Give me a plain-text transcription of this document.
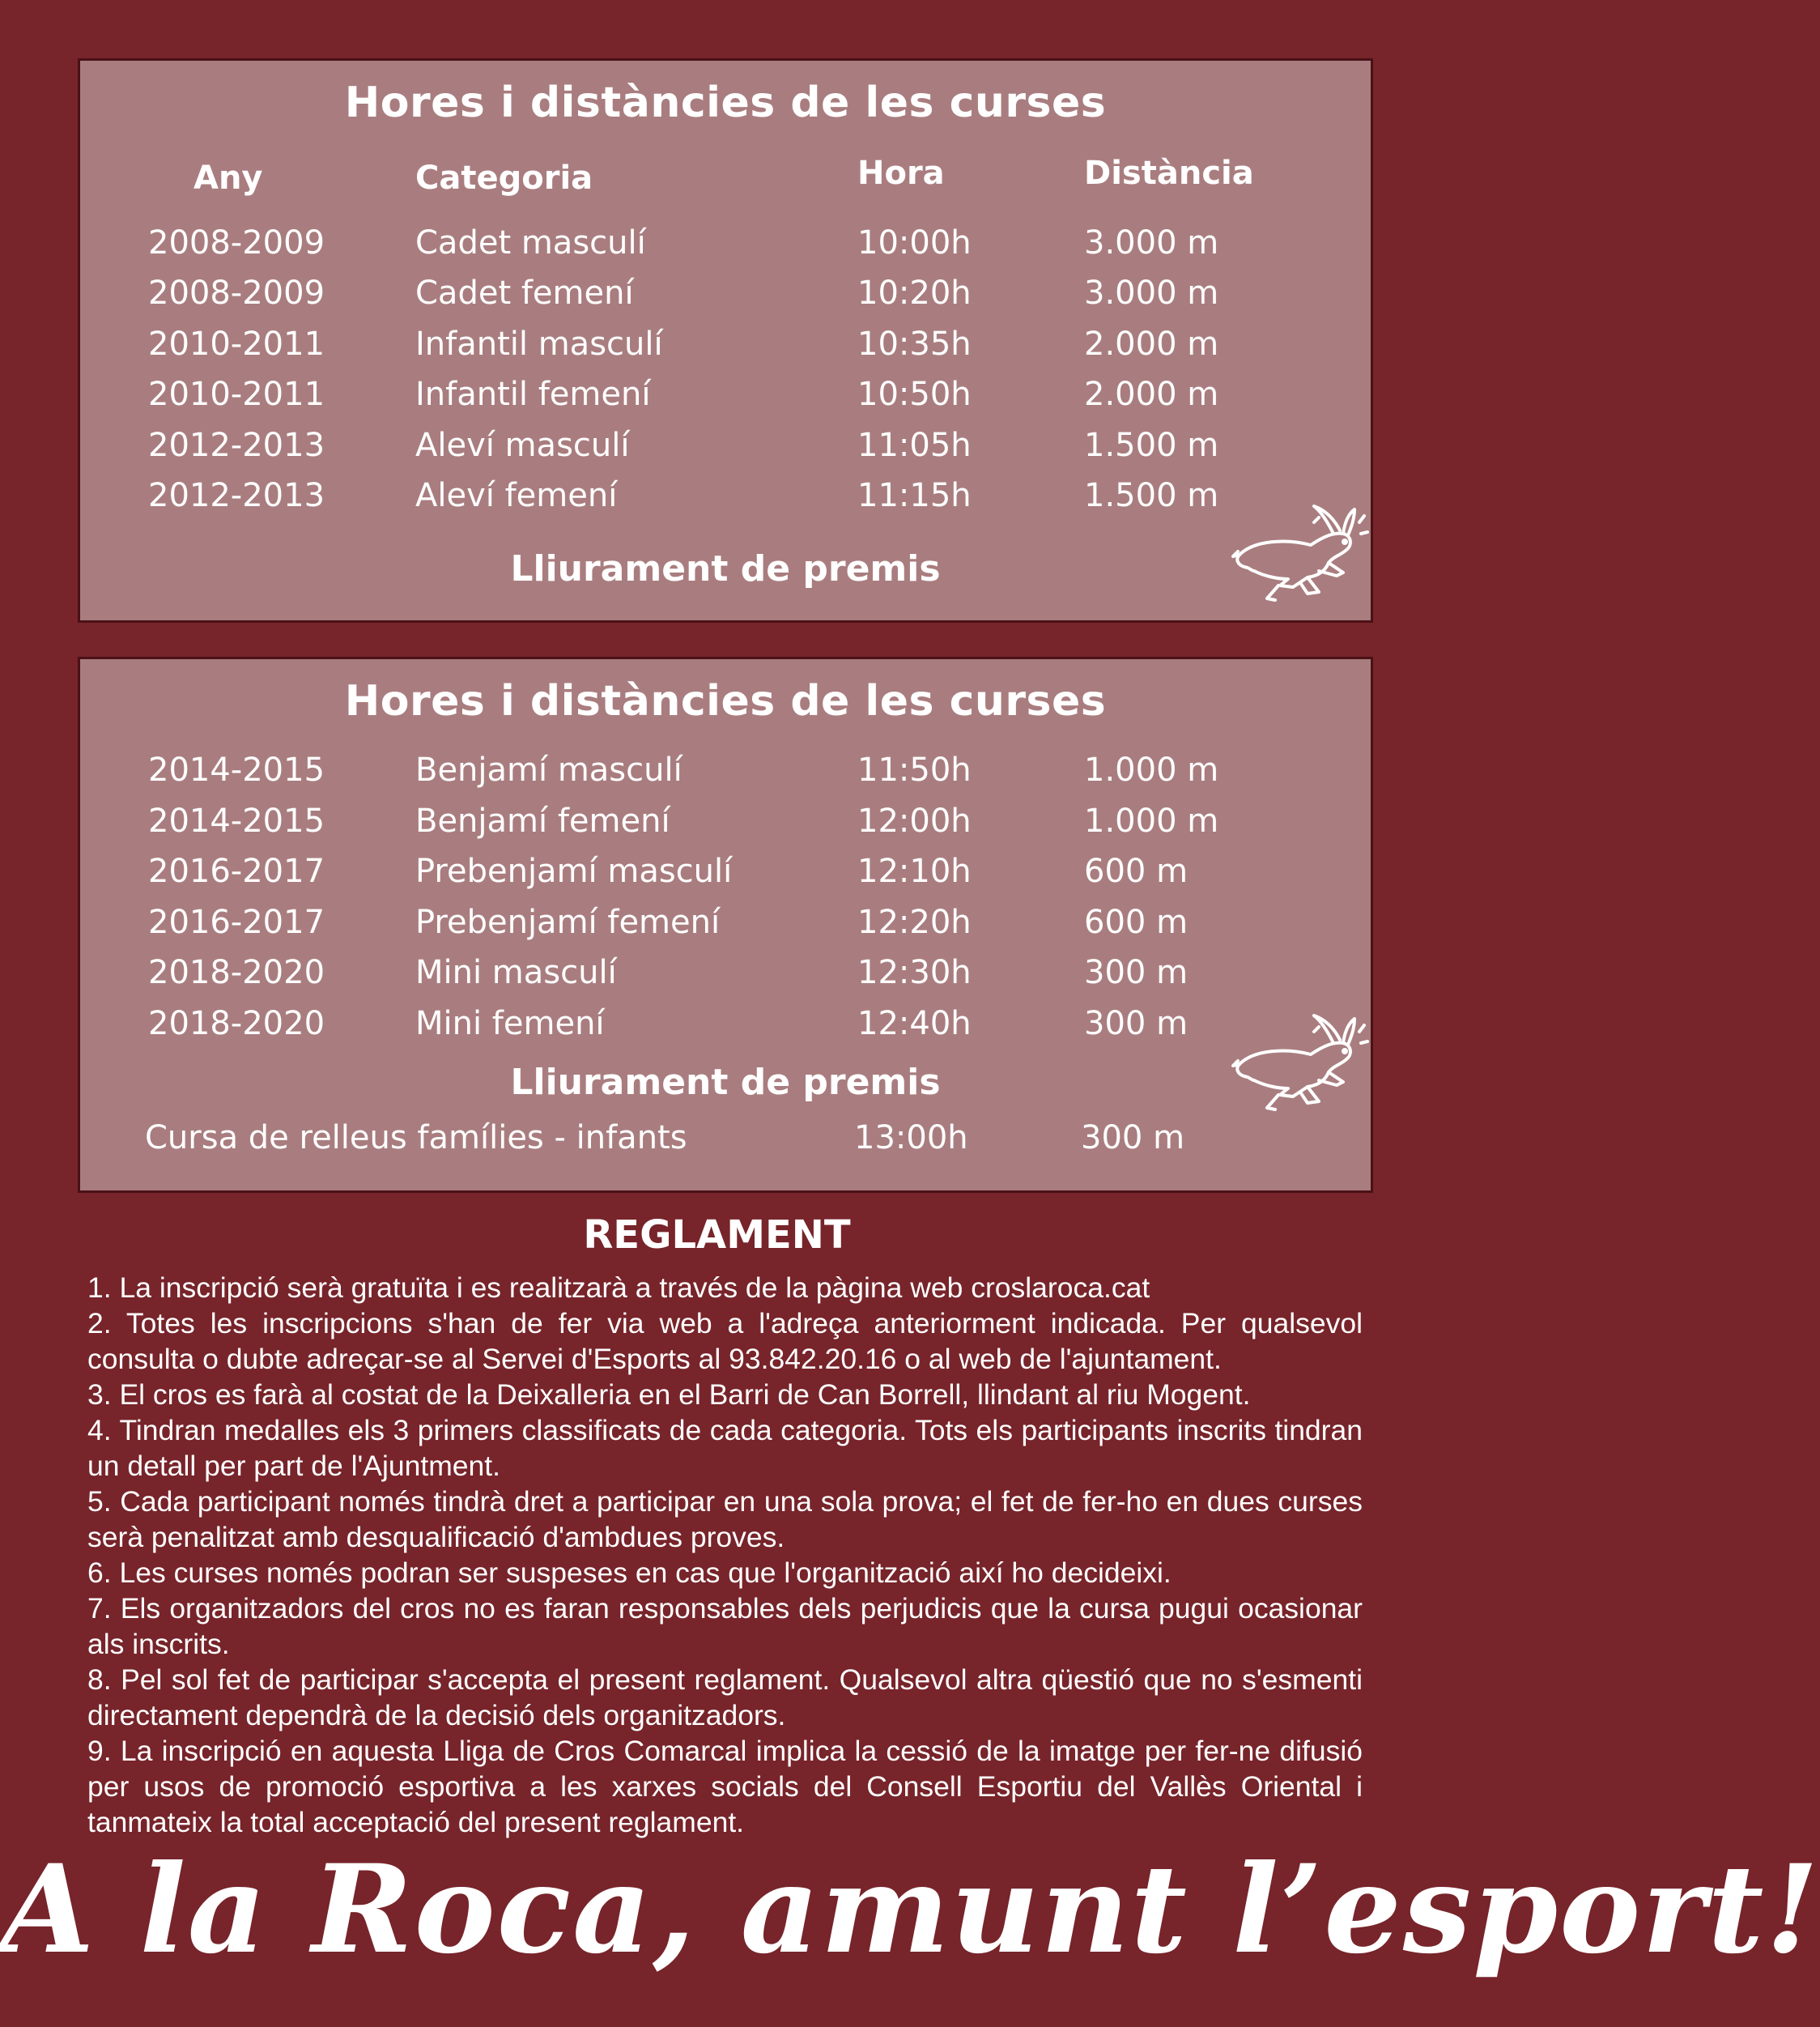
Hores i distàncies de les curses
Any	Categoria	Hora	Distància
2008-2009	Cadet masculí	10:00h	3.000 m
2008-2009	Cadet femení	10:20h	3.000 m
2010-2011	Infantil masculí	10:35h	2.000 m
2010-2011	Infantil femení	10:50h	2.000 m
2012-2013	Aleví masculí	11:05h	1.500 m
2012-2013	Aleví femení	11:15h	1.500 m
Lliurament de premis
Hores i distàncies de les curses
2014-2015	Benjamí masculí	11:50h	1.000 m
2014-2015	Benjamí femení	12:00h	1.000 m
2016-2017	Prebenjamí masculí	12:10h	600 m
2016-2017	Prebenjamí femení	12:20h	600 m
2018-2020	Mini masculí	12:30h	300 m
2018-2020	Mini femení	12:40h	300 m
Lliurament de premis
Cursa de relleus famílies - infants	13:00h	300 m
REGLAMENT

1. La inscripció serà gratuïta i es realitzarà a través de la pàgina web croslaroca.cat

2. Totes les inscripcions s'han de fer via web a l'adreça anteriorment indicada. Per qualsevol consulta o dubte adreçar-se al Servei d'Esports al 93.842.20.16 o al web de l'ajuntament.

3. El cros es farà al costat de la Deixalleria en el Barri de Can Borrell, llindant al riu Mogent.

4. Tindran medalles els 3 primers classificats de cada categoria. Tots els participants inscrits tindran un detall per part de l'Ajuntment.

5. Cada participant només tindrà dret a participar en una sola prova; el fet de fer-ho en dues curses serà penalitzat amb desqualificació d'ambdues proves.

6. Les curses només podran ser suspeses en cas que l'organització així ho decideixi.

7. Els organitzadors del cros no es faran responsables dels perjudicis que la cursa pugui ocasionar als inscrits.

8. Pel sol fet de participar s'accepta el present reglament. Qualsevol altra qüestió que no s'esmenti directament dependrà de la decisió dels organitzadors.

9. La inscripció en aquesta Lliga de Cros Comarcal implica la cessió de la imatge per fer-ne difusió per usos de promoció esportiva a les xarxes socials del Consell Esportiu del Vallès Oriental i tanmateix la total acceptació del present reglament.

A la Roca, amunt l’esport!
